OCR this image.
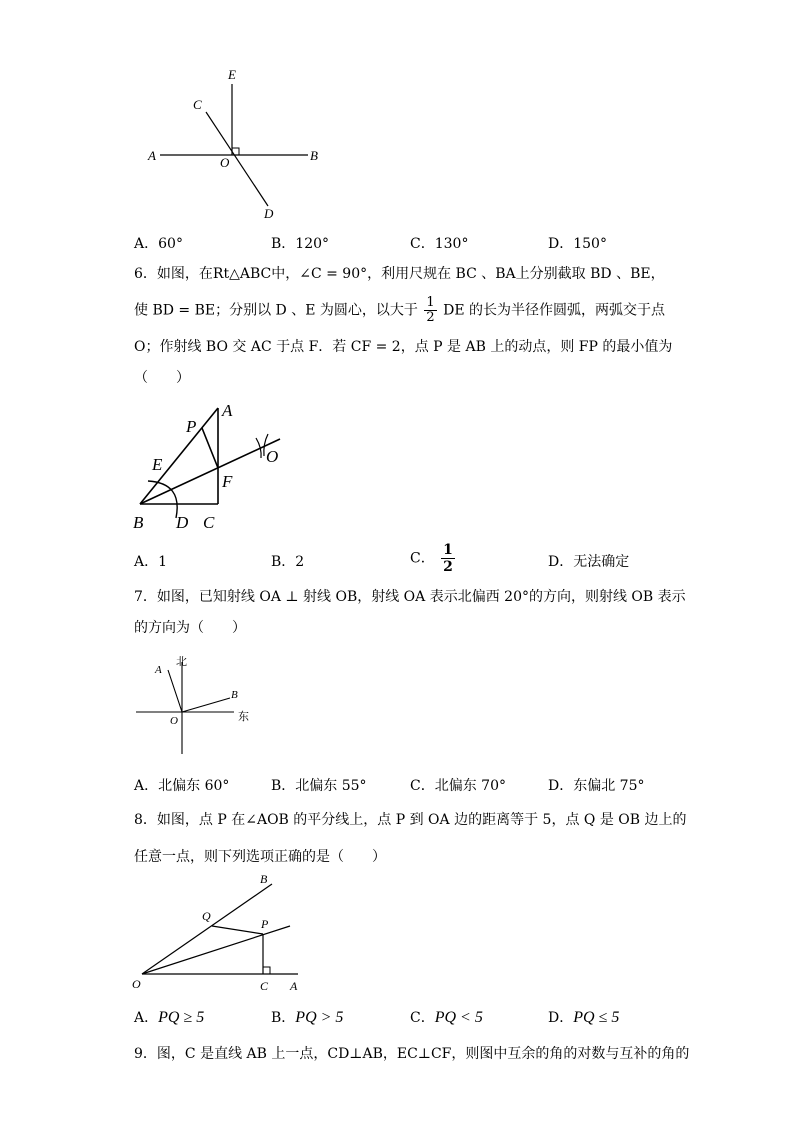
E
C
A	O	B
D
A．60°	B．120°	C．130°	D．150°
6．如图，在Rt△ABC中，∠C = 90°，利用尺规在 BC 、BA上分别截取 BD 、BE，
使 BD = BE；分别以 D 、E 为圆心，以大于 $\frac{1}{2}$ DE 的长为半径作圆弧，两弧交于点
O；作射线 BO 交 AC 于点 F．若 CF = 2，点 P 是 AB 上的动点，则 FP 的最小值为
（　　）
A
P
E
F
O
B D C
A．1	B．2	C． $\frac{1}{2}$	D．无法确定
7．如图，已知射线 OA ⊥ 射线 OB，射线 OA 表示北偏西 20°的方向，则射线 OB 表示
的方向为（　　）
北
A
B
O	东
A．北偏东 60°	B．北偏东 55°	C．北偏东 70°	D．东偏北 75°
8．如图，点 P 在∠AOB 的平分线上，点 P 到 OA 边的距离等于 5，点 Q 是 OB 边上的
任意一点，则下列选项正确的是（　　）
B
Q
P
O	C A
A．PQ ≥ 5	B．PQ > 5	C．PQ < 5	D．PQ ≤ 5
9．图，C 是直线 AB 上一点，CD⊥AB，EC⊥CF，则图中互余的角的对数与互补的角的
